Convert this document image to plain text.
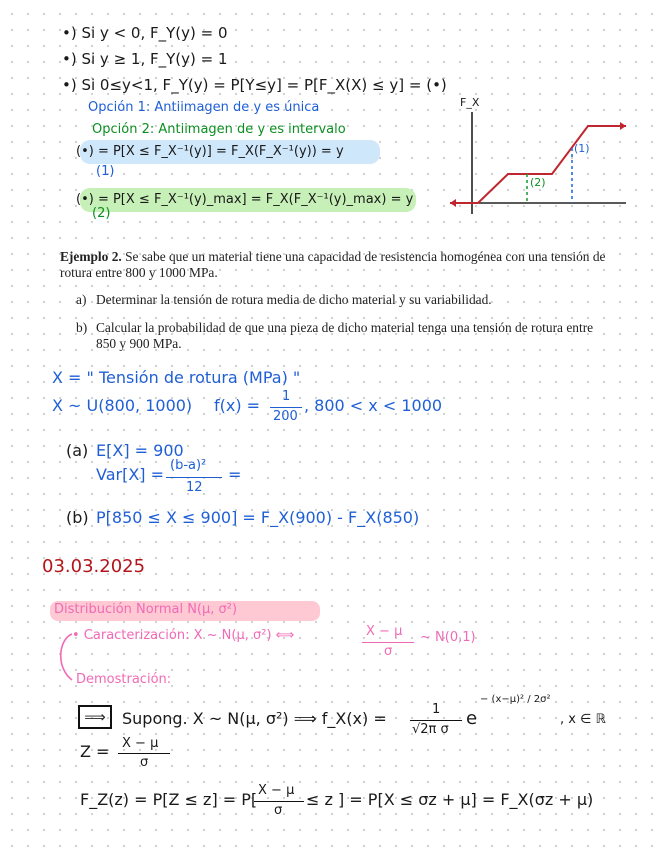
•) Si y < 0, F_Y(y) = 0
•) Si y ≥ 1, F_Y(y) = 1
•) Si 0≤y<1, F_Y(y) = P[Y≤y] = P[F_X(X) ≤ y] = (•)
Opción 1: Antiimagen de y es única
Opción 2: Antiimagen de y es intervalo
(•) = P[X ≤ F_X⁻¹(y)] = F_X(F_X⁻¹(y)) = y
(1)
(•) = P[X ≤ F_X⁻¹(y)_max] = F_X(F_X⁻¹(y)_max) = y
(2)
F_X
(1)
(2)
Ejemplo 2. Se sabe que un material tiene una capacidad de resistencia homogénea con una tensión de rotura entre 800 y 1000 MPa.
a) Determinar la tensión de rotura media de dicho material y su variabilidad.
b) Calcular la probabilidad de que una pieza de dicho material tenga una tensión de rotura entre 850 y 900 MPa.
X = " Tensión de rotura (MPa) "
X ~ U(800, 1000) f(x) = 1
200
, 800 < x < 1000
(a) E[X] = 900
Var[X] = (b-a)²
12
=
(b) P[850 ≤ X ≤ 900] = F_X(900) - F_X(850)
03.03.2025
Distribución Normal N(μ, σ²)
• Caracterización: X ~ N(μ, σ²) ⟺	X − μ
σ
~ N(0,1)
Demostración:
⟹	Supong. X ~ N(μ, σ²) ⟹ f_X(x) =	1
√2π σ
e
− (x−μ)² / 2σ²
, x ∈ ℝ
Z = X − μ
σ
F_Z(z) = P[Z ≤ z] = P[ X − μ
σ
≤ z ] = P[X ≤ σz + μ] = F_X(σz + μ)
